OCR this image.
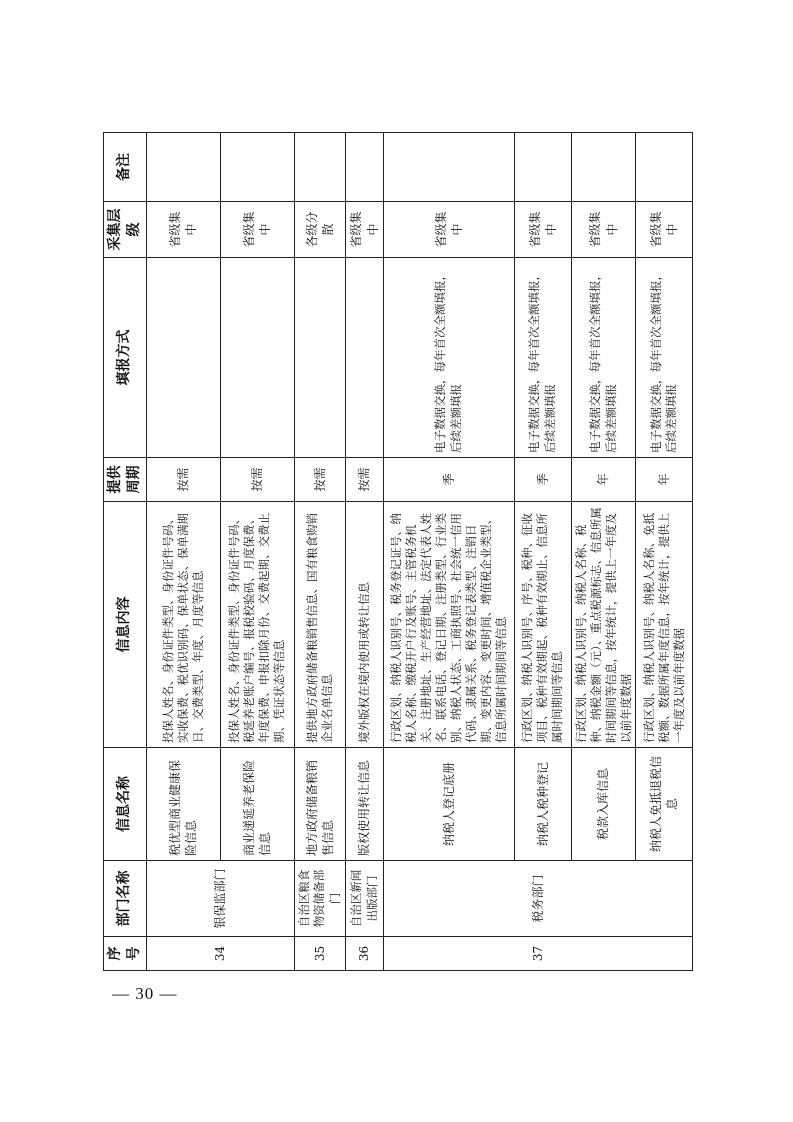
— 30 —
序号	部门名称	信息名称	信息内容	提供周期	填报方式	采集层级	备注
34	银保监部门	税优型商业健康保险信息	投保人姓名、身份证件类型、身份证件号码、实收保费、税优识别码、保单状态、保单满期日、交费类型、年度、月度等信息	按需		省级集中	
		商业递延养老保险信息	投保人姓名、身份证件类型、身份证件号码、税延养老账户编号、报税校验码、月度保费、年度保费、申报扣除月份、交费起期、交费止期、凭证状态等信息	按需		省级集中	
35	自治区粮食物资储备部门	地方政府储备粮销售信息	提供地方政府储备粮销售信息、国有粮食购销企业名单信息	按需		各级分散	
36	自治区新闻出版部门	版权使用转让信息	境外版权在境内使用或转让信息	按需		省级集中	
37	税务部门	纳税人登记底册	行政区划、纳税人识别号、税务登记证号、纳税人名称、缴税开户行及账号、主管税务机关、注册地址、生产经营地址、法定代表人姓名、联系电话、登记日期、注册类型、行业类别、纳税人状态、工商执照号、社会统一信用代码、隶属关系、税务登记表类型、注销日期、变更内容、变更时间、增值税企业类型、信息所属时间期间等信息	季	电子数据交换，每年首次全额填报，后续差额填报	省级集中	
		纳税人税种登记	行政区划、纳税人识别号、序号、税种、征收项目、税种有效期起、税种有效期止、信息所属时间期间等信息	季	电子数据交换，每年首次全额填报，后续差额填报	省级集中	
		税款入库信息	行政区划、纳税人识别号、纳税人名称、税种、纳税金额（元）、重点税源标志、信息所属时间期间等信息，按年统计，提供上一年度及以前年度数据	年	电子数据交换，每年首次全额填报，后续差额填报	省级集中	
		纳税人免抵退税信息	行政区划、纳税人识别号、纳税人名称、免抵税额、数据所属年度信息，按年统计，提供上一年度及以前年度数据	年	电子数据交换，每年首次全额填报，后续差额填报	省级集中	
